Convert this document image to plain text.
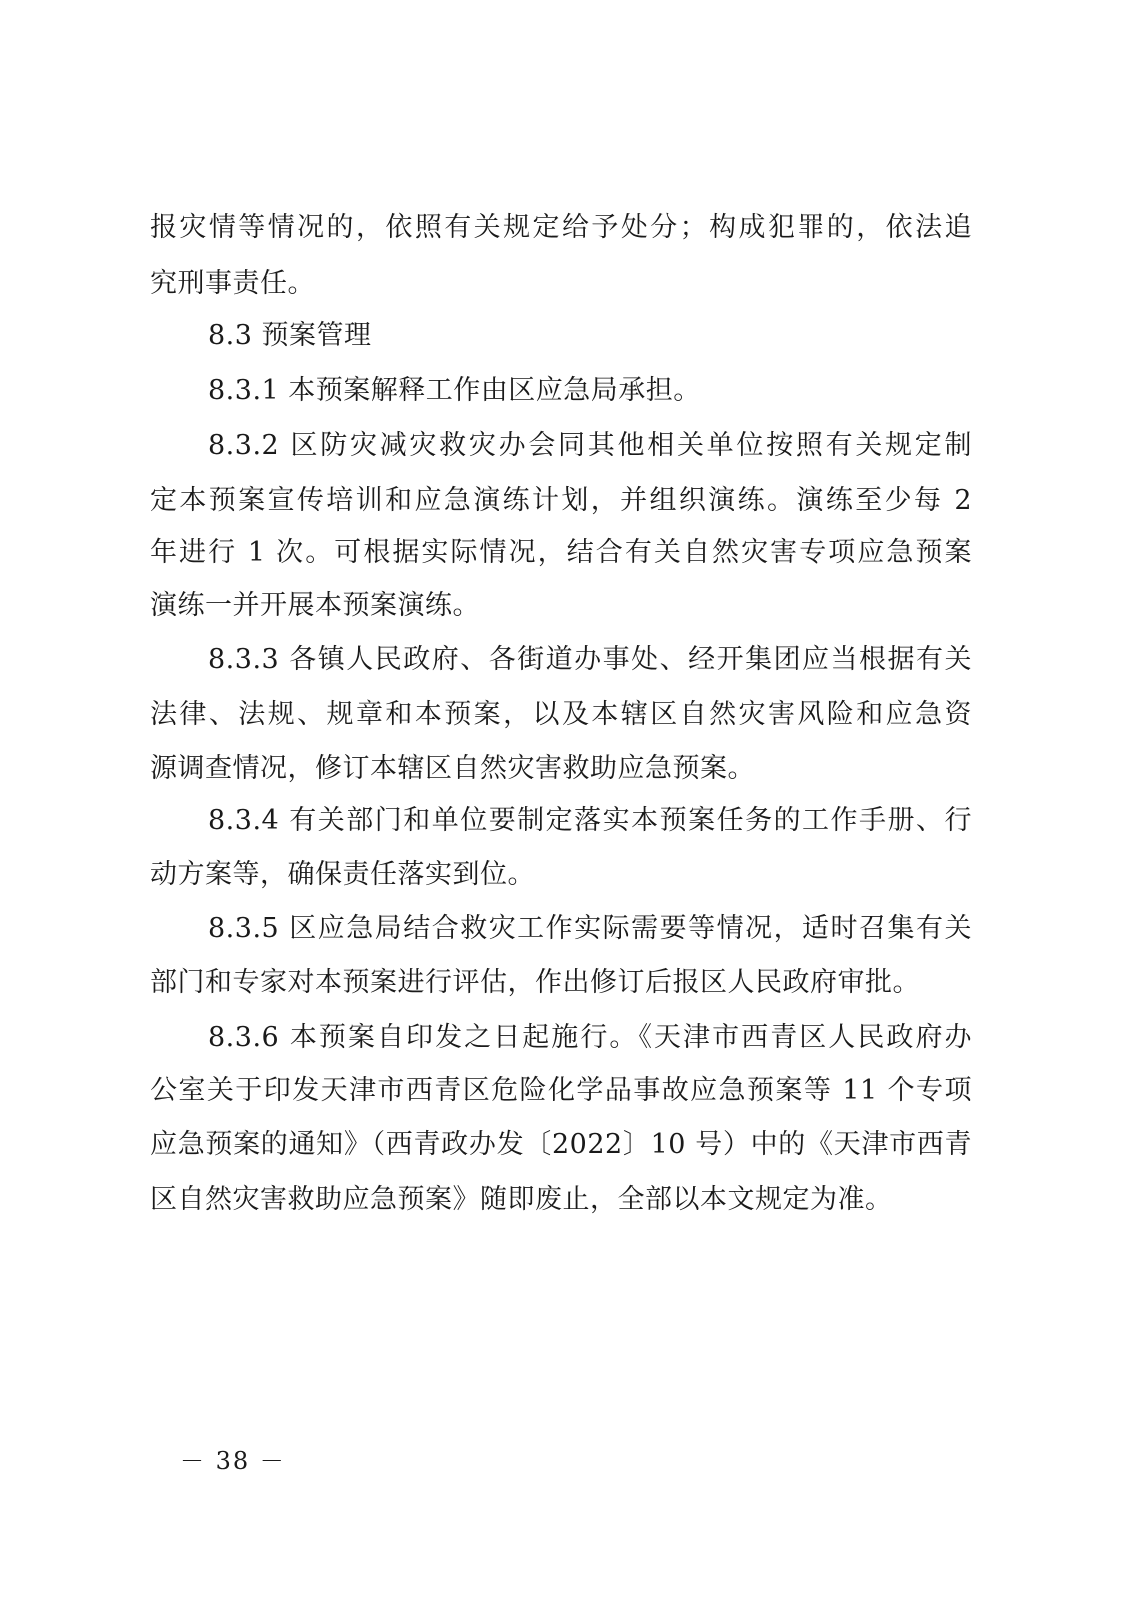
报灾情等情况的，依照有关规定给予处分；构成犯罪的，依法追
究刑事责任。
8.3 预案管理
8.3.1 本预案解释工作由区应急局承担。
8.3.2 区防灾减灾救灾办会同其他相关单位按照有关规定制
定本预案宣传培训和应急演练计划，并组织演练。演练至少每 2
年进行 1 次。可根据实际情况，结合有关自然灾害专项应急预案
演练一并开展本预案演练。
8.3.3 各镇人民政府、各街道办事处、经开集团应当根据有关
法律、法规、规章和本预案，以及本辖区自然灾害风险和应急资
源调查情况，修订本辖区自然灾害救助应急预案。
8.3.4 有关部门和单位要制定落实本预案任务的工作手册、行
动方案等，确保责任落实到位。
8.3.5 区应急局结合救灾工作实际需要等情况，适时召集有关
部门和专家对本预案进行评估，作出修订后报区人民政府审批。
8.3.6 本预案自印发之日起施行。《天津市西青区人民政府办
公室关于印发天津市西青区危险化学品事故应急预案等 11 个专项
应急预案的通知》（西青政办发〔2022〕10 号）中的《天津市西青
区自然灾害救助应急预案》随即废止，全部以本文规定为准。
－ 38 －
